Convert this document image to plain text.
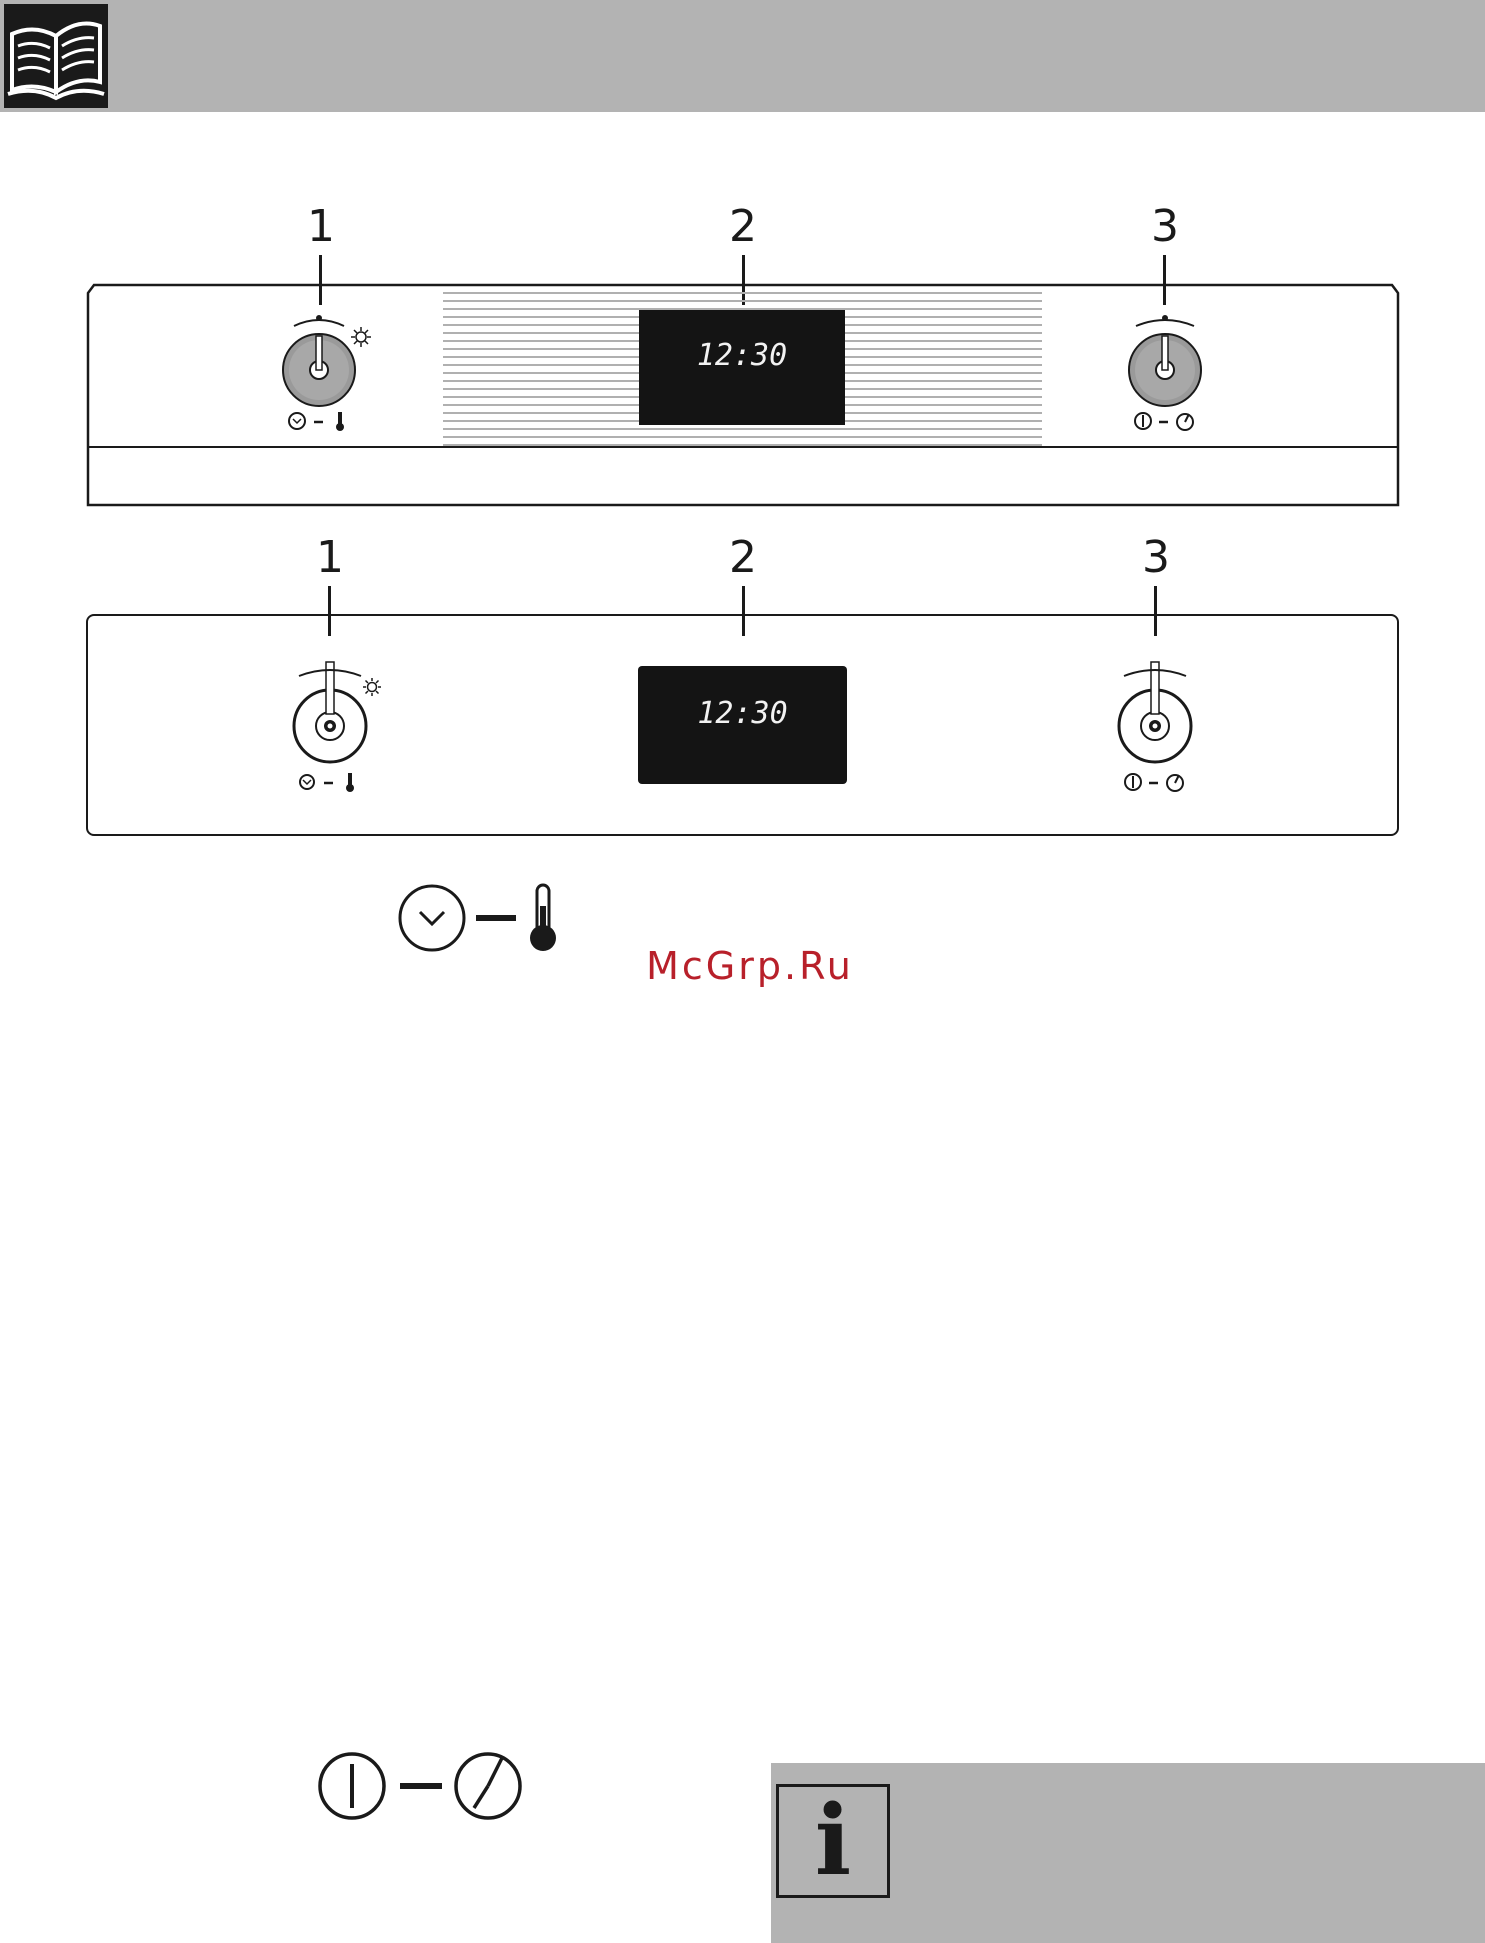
1	2	3
12:30
1	2	3
12:30
McGrp.Ru
i
